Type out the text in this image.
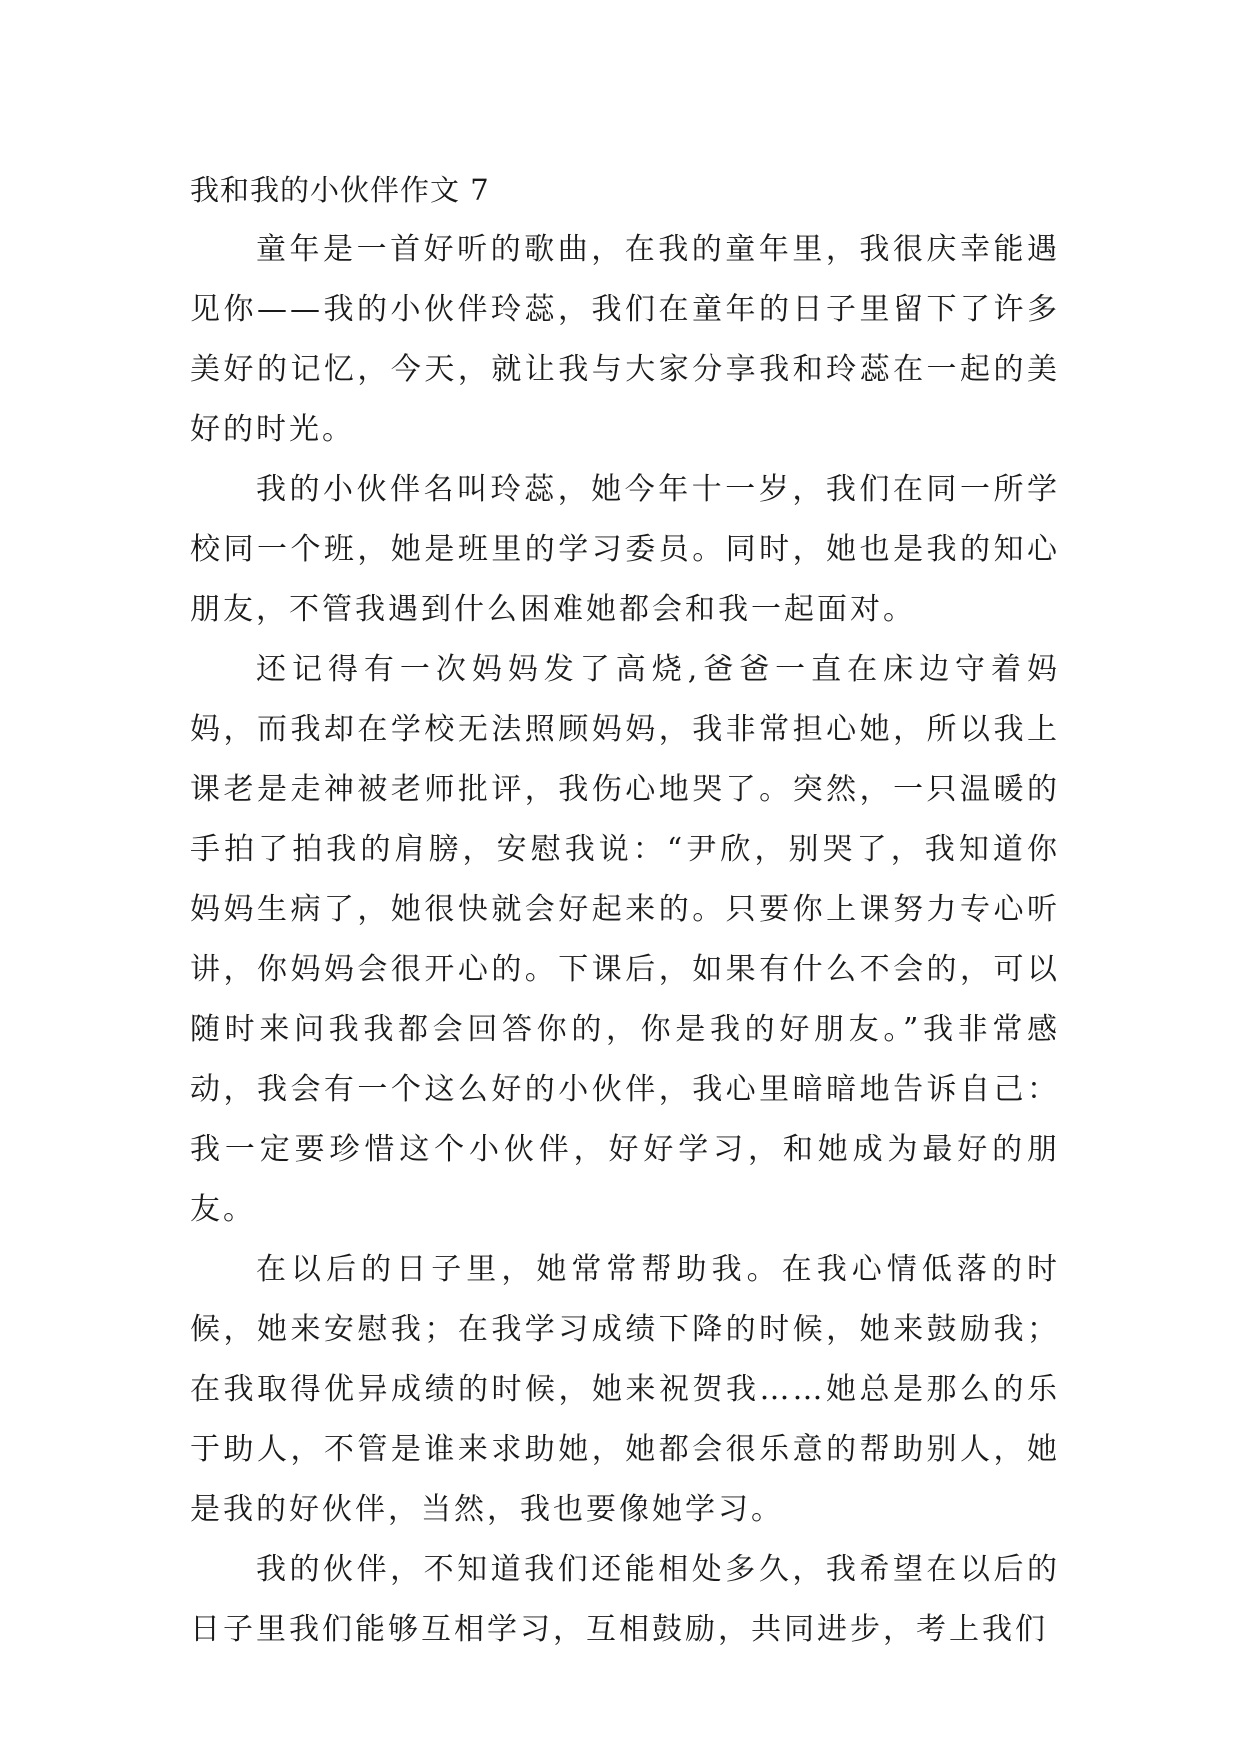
我和我的小伙伴作文 7

童年是一首好听的歌曲，在我的童年里，我很庆幸能遇见你——我的小伙伴玲蕊，我们在童年的日子里留下了许多美好的记忆，今天，就让我与大家分享我和玲蕊在一起的美好的时光。

我的小伙伴名叫玲蕊，她今年十一岁，我们在同一所学校同一个班，她是班里的学习委员。同时，她也是我的知心朋友，不管我遇到什么困难她都会和我一起面对。

还记得有一次妈妈发了高烧,爸爸一直在床边守着妈妈，而我却在学校无法照顾妈妈，我非常担心她，所以我上课老是走神被老师批评，我伤心地哭了。突然，一只温暖的手拍了拍我的肩膀，安慰我说：“尹欣，别哭了，我知道你妈妈生病了，她很快就会好起来的。只要你上课努力专心听讲，你妈妈会很开心的。下课后，如果有什么不会的，可以随时来问我我都会回答你的，你是我的好朋友。”我非常感动，我会有一个这么好的小伙伴，我心里暗暗地告诉自己：我一定要珍惜这个小伙伴，好好学习，和她成为最好的朋友。

在以后的日子里，她常常帮助我。在我心情低落的时候，她来安慰我；在我学习成绩下降的时候，她来鼓励我；在我取得优异成绩的时候，她来祝贺我……她总是那么的乐于助人，不管是谁来求助她，她都会很乐意的帮助别人，她是我的好伙伴，当然，我也要像她学习。

我的伙伴，不知道我们还能相处多久，我希望在以后的日子里我们能够互相学习，互相鼓励，共同进步，考上我们
